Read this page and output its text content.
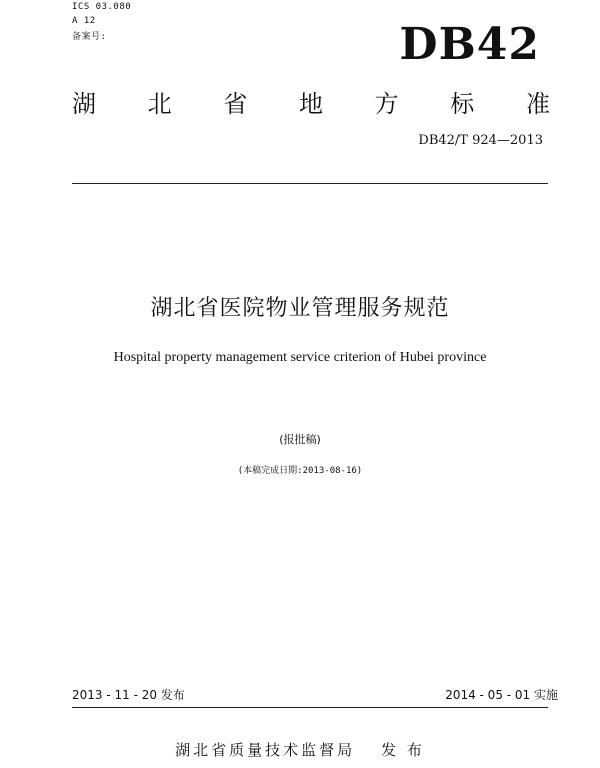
ICS 03.080
A 12
备案号:	DB42
湖 北 省 地 方 标 准
DB42/T 924—2013
湖北省医院物业管理服务规范
Hospital property management service criterion of Hubei province
(报批稿)
(本稿完成日期:2013-08-16)
2013 - 11 - 20 发布	2014 - 05 - 01 实施
湖北省质量技术监督局 发 布
